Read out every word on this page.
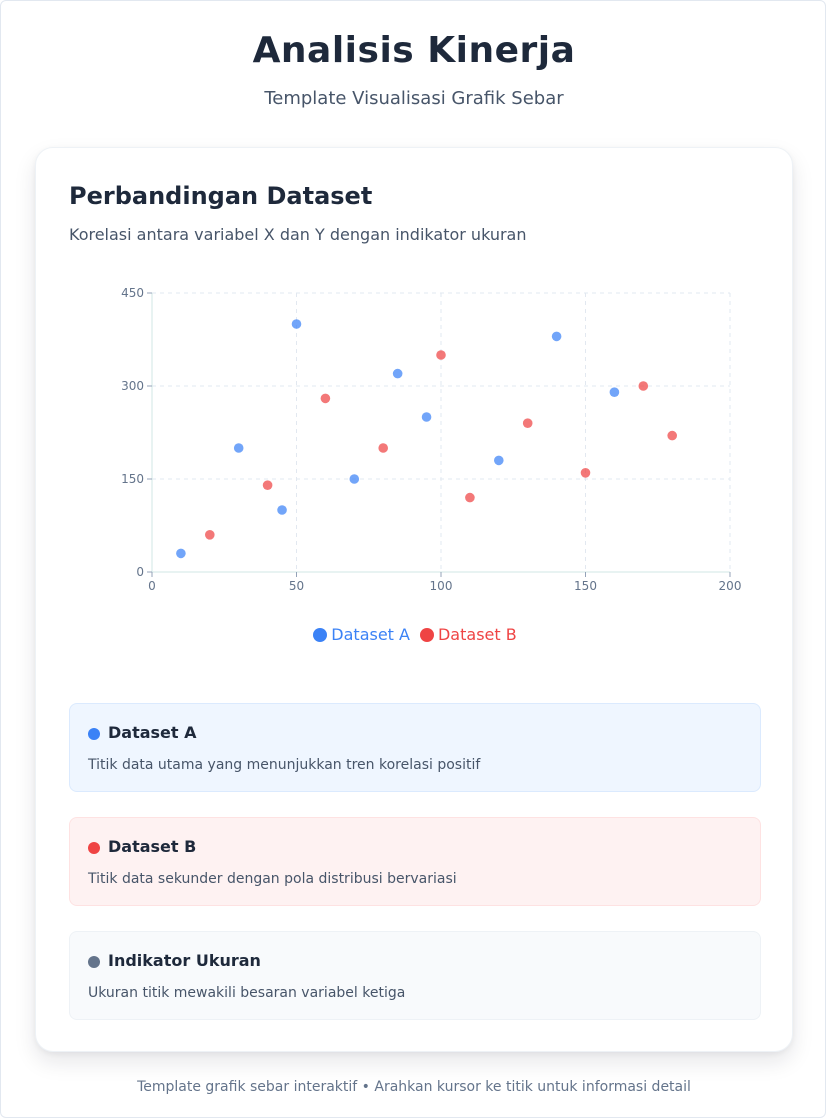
Analisis Kinerja
Template Visualisasi Grafik Sebar
Perbandingan Dataset
Korelasi antara variabel X dan Y dengan indikator ukuran
0
150
300
450
0	50	100	150	200
Dataset A Dataset B
Dataset A
Titik data utama yang menunjukkan tren korelasi positif
Dataset B
Titik data sekunder dengan pola distribusi bervariasi
Indikator Ukuran
Ukuran titik mewakili besaran variabel ketiga
Template grafik sebar interaktif • Arahkan kursor ke titik untuk informasi detail
